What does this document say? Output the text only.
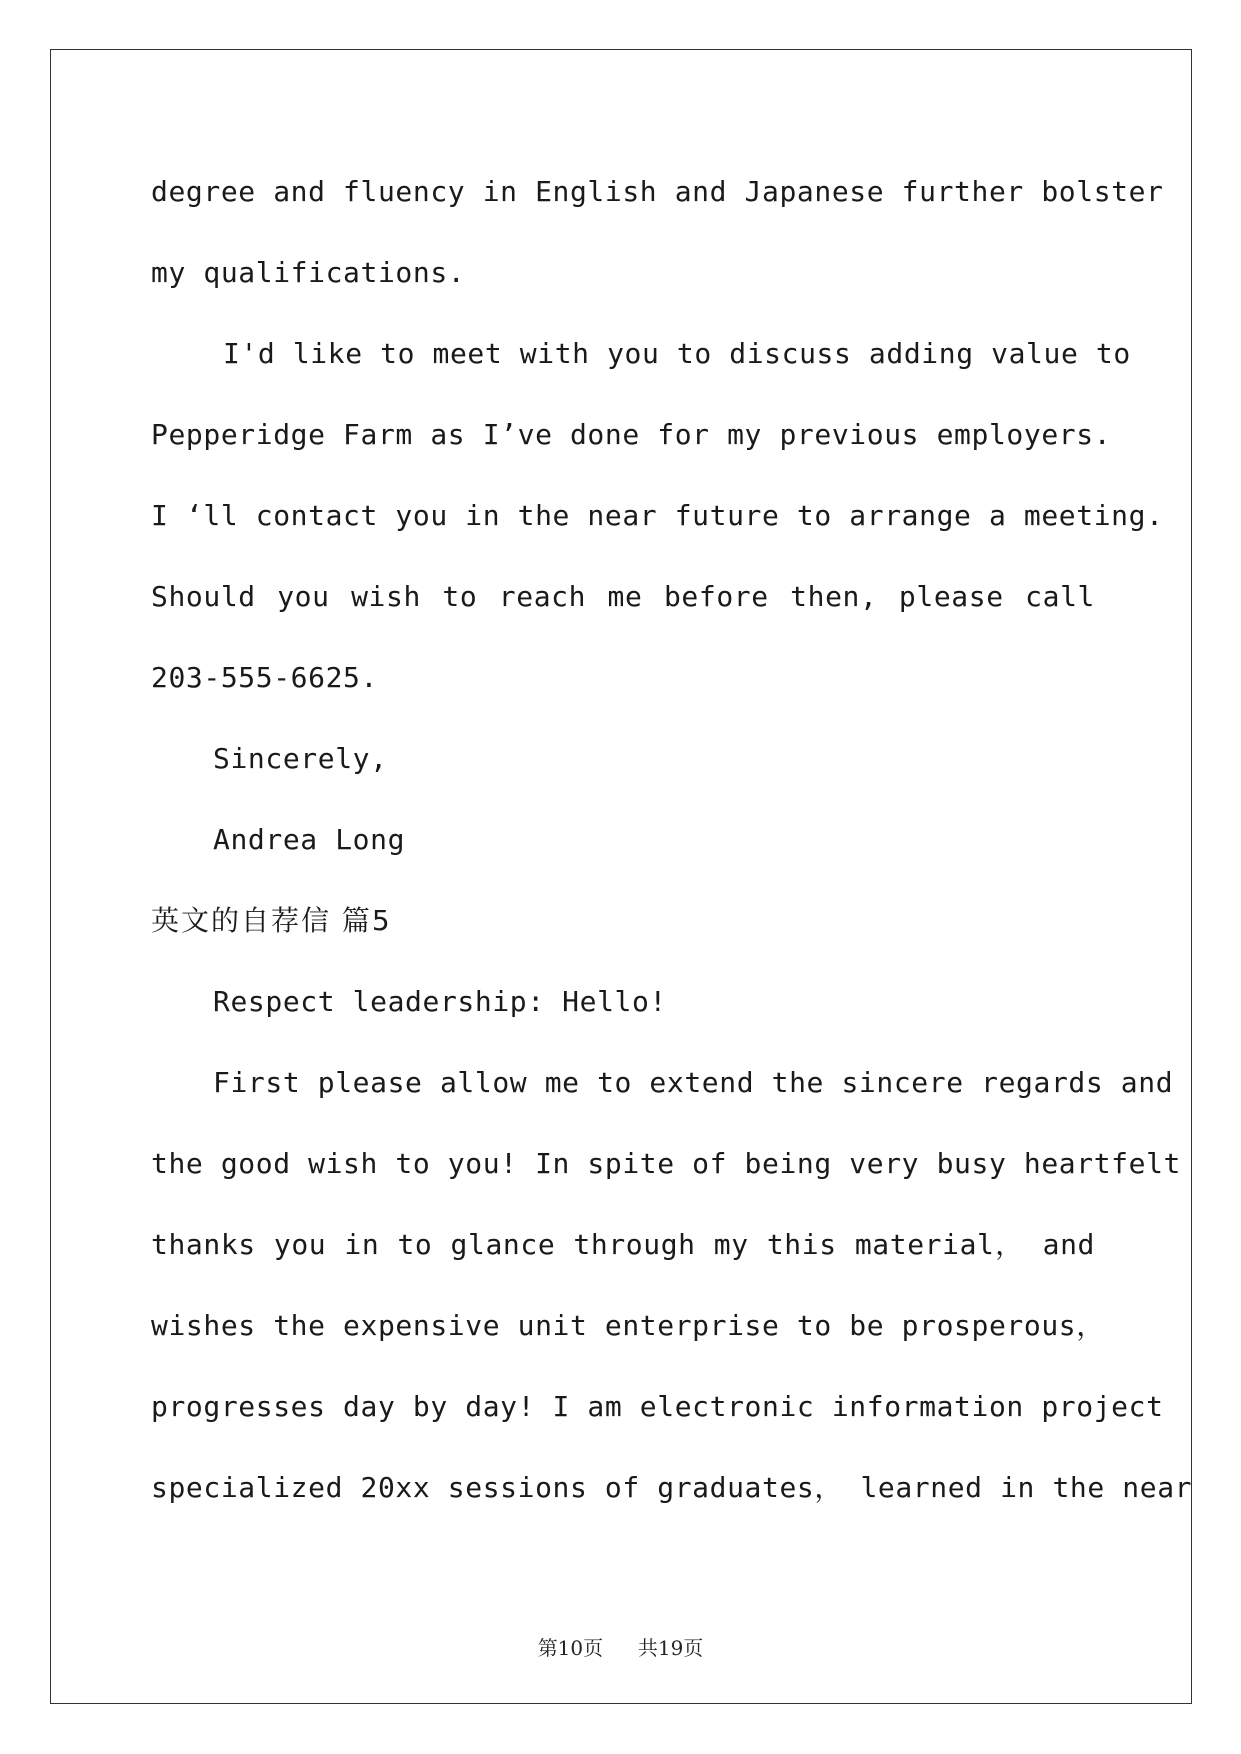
degree and fluency in English and Japanese further bolster
my qualifications.
I'd like to meet with you to discuss adding value to
Pepperidge Farm as I’ve done for my previous employers.
I ‘ll contact you in the near future to arrange a meeting.
Should you wish to reach me before then, please call
203-555-6625.
Sincerely,
Andrea Long
英文的自荐信 篇5
Respect leadership: Hello!
First please allow me to extend the sincere regards and
the good wish to you! In spite of being very busy heartfelt
thanks you in to glance through my this material， and
wishes the expensive unit enterprise to be prosperous，
progresses day by day! I am electronic information project
specialized 20xx sessions of graduates， learned in the near
第10页 共19页
